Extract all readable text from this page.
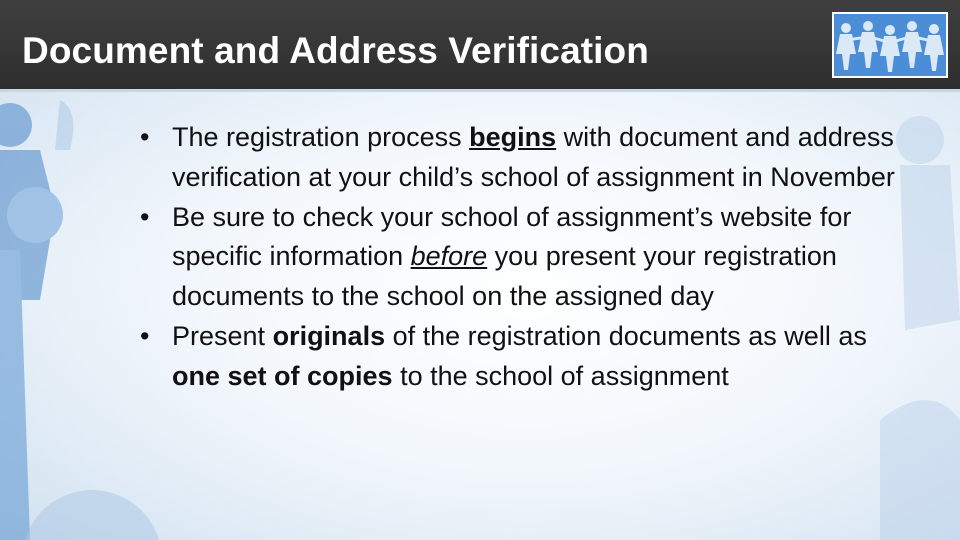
Document and Address Verification
• The registration process begins with document and address verification at your child’s school of assignment in November
• Be sure to check your school of assignment’s website for specific information before you present your registration documents to the school on the assigned day
• Present originals of the registration documents as well as one set of copies to the school of assignment
